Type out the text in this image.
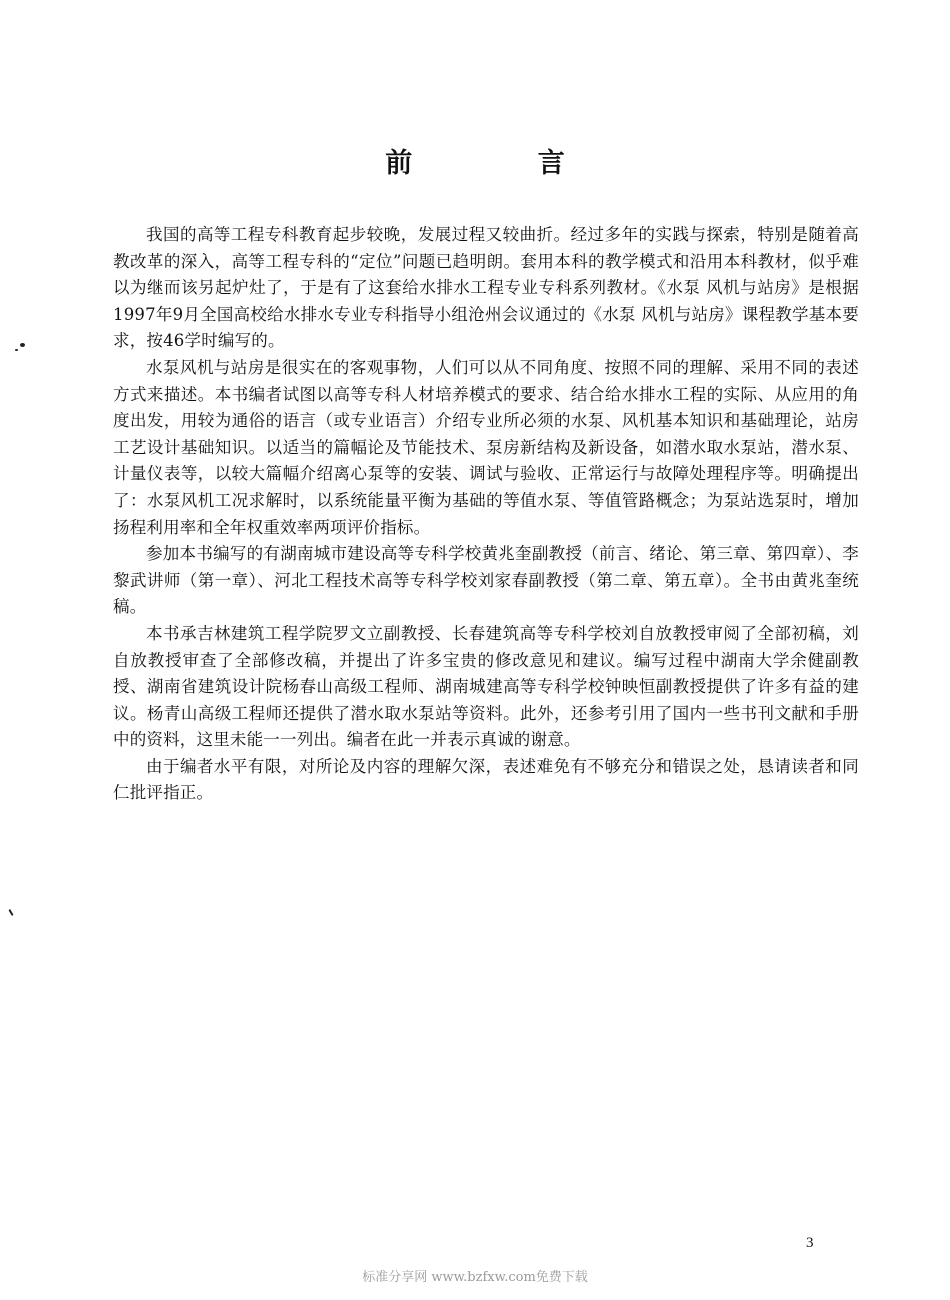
前 言

我国的高等工程专科教育起步较晚，发展过程又较曲折。经过多年的实践与探索，特别是随着高教改革的深入，高等工程专科的“定位”问题已趋明朗。套用本科的教学模式和沿用本科教材，似乎难以为继而该另起炉灶了，于是有了这套给水排水工程专业专科系列教材。《水泵 风机与站房》是根据1997年9月全国高校给水排水专业专科指导小组沧州会议通过的《水泵 风机与站房》课程教学基本要求，按46学时编写的。

水泵风机与站房是很实在的客观事物，人们可以从不同角度、按照不同的理解、采用不同的表述方式来描述。本书编者试图以高等专科人材培养模式的要求、结合给水排水工程的实际、从应用的角度出发，用较为通俗的语言（或专业语言）介绍专业所必须的水泵、风机基本知识和基础理论，站房工艺设计基础知识。以适当的篇幅论及节能技术、泵房新结构及新设备，如潜水取水泵站，潜水泵、计量仪表等，以较大篇幅介绍离心泵等的安装、调试与验收、正常运行与故障处理程序等。明确提出了：水泵风机工况求解时，以系统能量平衡为基础的等值水泵、等值管路概念；为泵站选泵时，增加扬程利用率和全年权重效率两项评价指标。

参加本书编写的有湖南城市建设高等专科学校黄兆奎副教授（前言、绪论、第三章、第四章）、李黎武讲师（第一章）、河北工程技术高等专科学校刘家春副教授（第二章、第五章）。全书由黄兆奎统稿。

本书承吉林建筑工程学院罗文立副教授、长春建筑高等专科学校刘自放教授审阅了全部初稿，刘自放教授审查了全部修改稿，并提出了许多宝贵的修改意见和建议。编写过程中湖南大学余健副教授、湖南省建筑设计院杨春山高级工程师、湖南城建高等专科学校钟映恒副教授提供了许多有益的建议。杨青山高级工程师还提供了潜水取水泵站等资料。此外，还参考引用了国内一些书刊文献和手册中的资料，这里未能一一列出。编者在此一并表示真诚的谢意。

由于编者水平有限，对所论及内容的理解欠深，表述难免有不够充分和错误之处，恳请读者和同仁批评指正。

3
标准分享网 www.bzfxw.com免费下载
